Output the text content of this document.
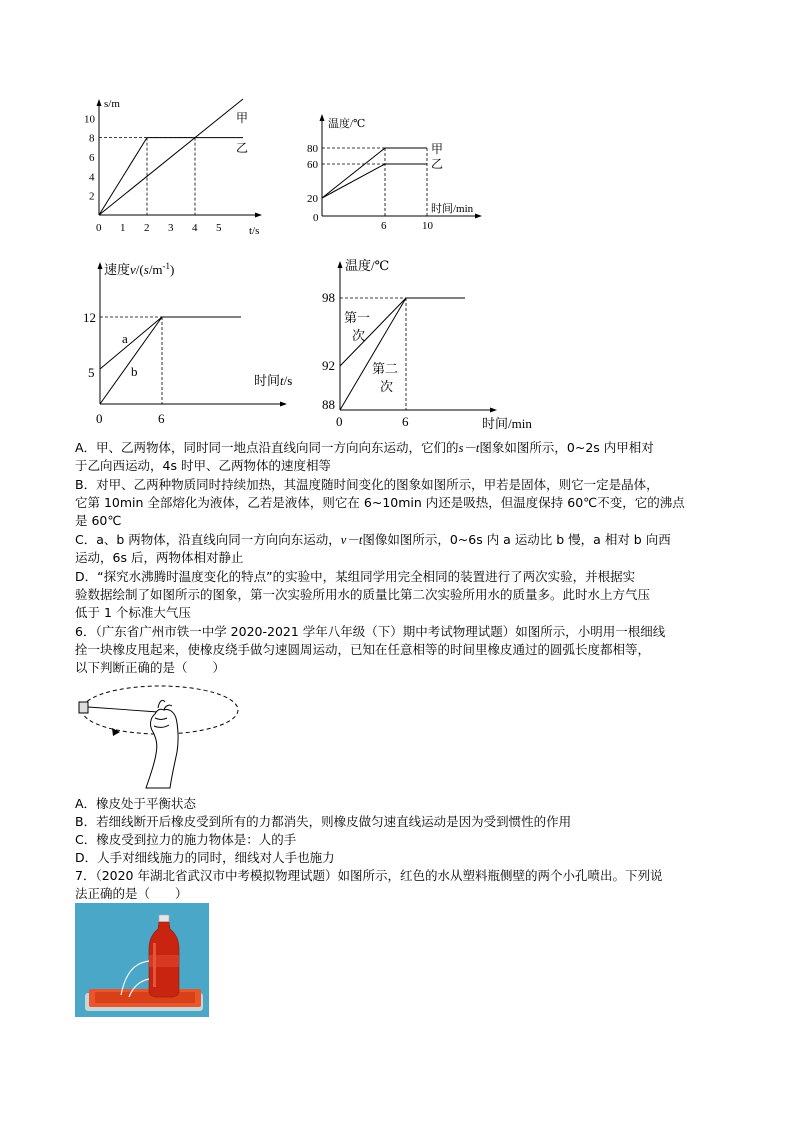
s/m
t/s
0 1 2 3 4 5
2
4
6
8
10	甲
乙
温度/℃
时间/min
0
6	10
20
60
80	甲
乙
速度$v/(s/m^{-1})$
时间t/s
0	6
5
12
a
b
温度/℃
时间/min
0	6
88
92
98
第一
次
第二
次
A．甲、乙两物体，同时同一地点沿直线向同一方向向东运动，它们的s－t图象如图所示，0~2s 内甲相对
于乙向西运动，4s 时甲、乙两物体的速度相等
B．对甲、乙两种物质同时持续加热，其温度随时间变化的图象如图所示，甲若是固体，则它一定是晶体，
它第 10min 全部熔化为液体，乙若是液体，则它在 6~10min 内还是吸热，但温度保持 60℃不变，它的沸点
是 60℃
C．a、b 两物体，沿直线向同一方向向东运动，v－t图像如图所示，0~6s 内 a 运动比 b 慢，a 相对 b 向西
运动，6s 后，两物体相对静止
D．“探究水沸腾时温度变化的特点”的实验中，某组同学用完全相同的装置进行了两次实验，并根据实
验数据绘制了如图所示的图象，第一次实验所用水的质量比第二次实验所用水的质量多。此时水上方气压
低于 1 个标准大气压
6．（广东省广州市铁一中学 2020-2021 学年八年级（下）期中考试物理试题）如图所示，小明用一根细线
拴一块橡皮甩起来，使橡皮绕手做匀速圆周运动，已知在任意相等的时间里橡皮通过的圆弧长度都相等，
以下判断正确的是（　　）
A．橡皮处于平衡状态
B．若细线断开后橡皮受到所有的力都消失，则橡皮做匀速直线运动是因为受到惯性的作用
C．橡皮受到拉力的施力物体是：人的手
D．人手对细线施力的同时，细线对人手也施力
7．（2020 年湖北省武汉市中考模拟物理试题）如图所示，红色的水从塑料瓶侧壁的两个小孔喷出。下列说
法正确的是（　　）
